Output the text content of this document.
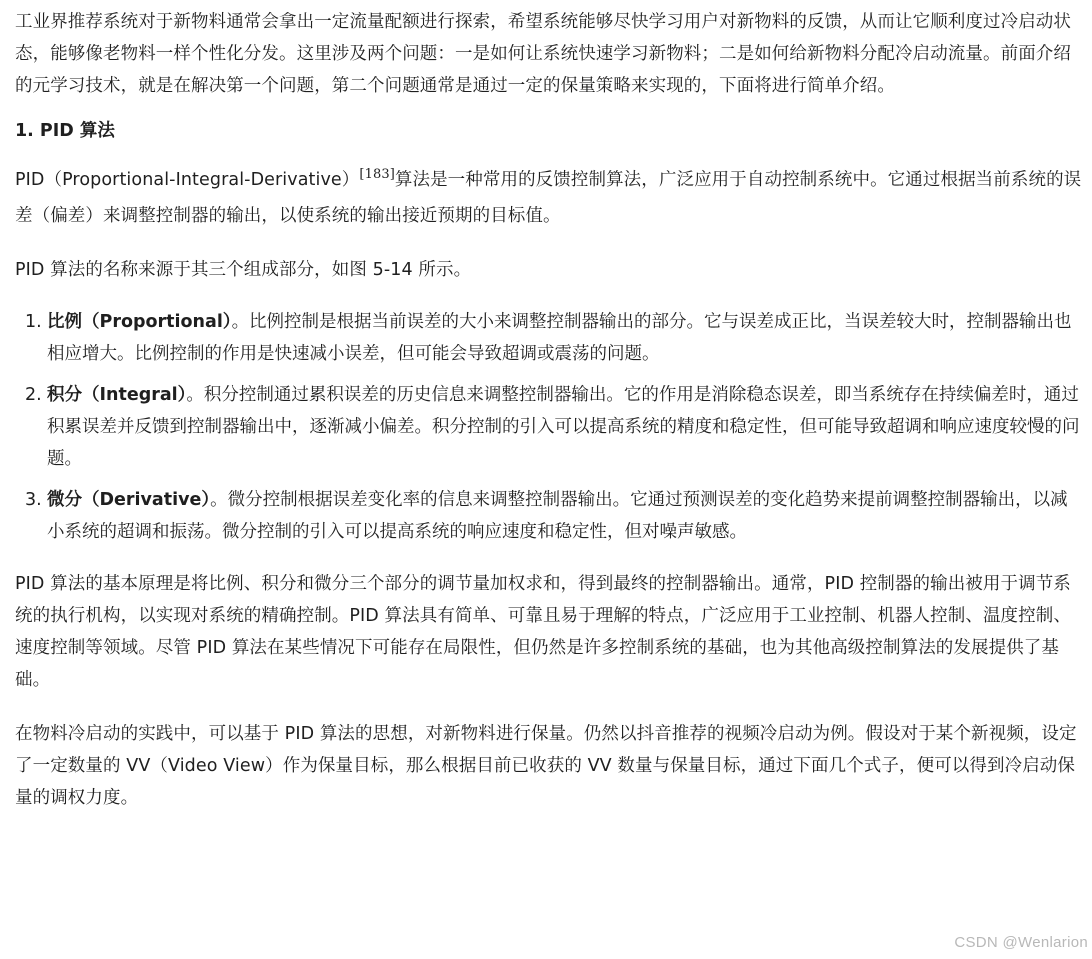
工业界推荐系统对于新物料通常会拿出一定流量配额进行探索，希望系统能够尽快学习用户对新物料的反馈，从而让它顺利度过冷启动状态，能够像老物料一样个性化分发。这里涉及两个问题：一是如何让系统快速学习新物料；二是如何给新物料分配冷启动流量。前面介绍的元学习技术，就是在解决第一个问题，第二个问题通常是通过一定的保量策略来实现的，下面将进行简单介绍。

1. PID 算法

PID（Proportional-Integral-Derivative）[183]算法是一种常用的反馈控制算法，广泛应用于自动控制系统中。它通过根据当前系统的误差（偏差）来调整控制器的输出，以使系统的输出接近预期的目标值。

PID 算法的名称来源于其三个组成部分，如图 5-14 所示。

1. 比例（Proportional）。比例控制是根据当前误差的大小来调整控制器输出的部分。它与误差成正比，当误差较大时，控制器输出也相应增大。比例控制的作用是快速减小误差，但可能会导致超调或震荡的问题。
2. 积分（Integral）。积分控制通过累积误差的历史信息来调整控制器输出。它的作用是消除稳态误差，即当系统存在持续偏差时，通过积累误差并反馈到控制器输出中，逐渐减小偏差。积分控制的引入可以提高系统的精度和稳定性，但可能导致超调和响应速度较慢的问题。
3. 微分（Derivative）。微分控制根据误差变化率的信息来调整控制器输出。它通过预测误差的变化趋势来提前调整控制器输出，以减小系统的超调和振荡。微分控制的引入可以提高系统的响应速度和稳定性，但对噪声敏感。

PID 算法的基本原理是将比例、积分和微分三个部分的调节量加权求和，得到最终的控制器输出。通常，PID 控制器的输出被用于调节系统的执行机构，以实现对系统的精确控制。PID 算法具有简单、可靠且易于理解的特点，广泛应用于工业控制、机器人控制、温度控制、速度控制等领域。尽管 PID 算法在某些情况下可能存在局限性，但仍然是许多控制系统的基础，也为其他高级控制算法的发展提供了基础。

在物料冷启动的实践中，可以基于 PID 算法的思想，对新物料进行保量。仍然以抖音推荐的视频冷启动为例。假设对于某个新视频，设定了一定数量的 VV（Video View）作为保量目标，那么根据目前已收获的 VV 数量与保量目标，通过下面几个式子，便可以得到冷启动保量的调权力度。

CSDN @Wenlarion
